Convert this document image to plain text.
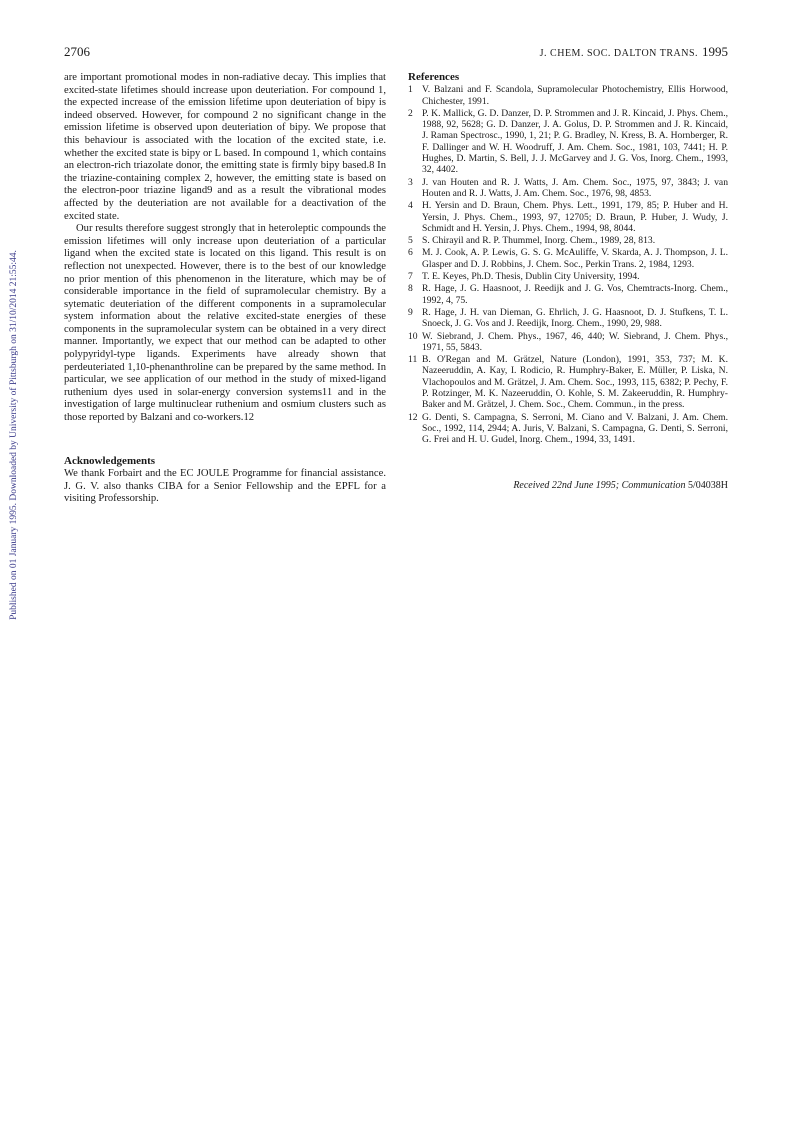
2706	J. CHEM. SOC. DALTON TRANS. 1995
Published on 01 January 1995. Downloaded by University of Pittsburgh on 31/10/2014 21:55:44.

are important promotional modes in non-radiative decay. This implies that excited-state lifetimes should increase upon deuteriation. For compound 1, the expected increase of the emission lifetime upon deuteriation of bipy is indeed observed. However, for compound 2 no significant change in the emission lifetime is observed upon deuteriation of bipy. We propose that this behaviour is associated with the location of the excited state, i.e. whether the excited state is bipy or L based. In compound 1, which contains an electron-rich triazolate donor, the emitting state is firmly bipy based.8 In the triazine-containing complex 2, however, the emitting state is based on the electron-poor triazine ligand9 and as a result the vibrational modes affected by the deuteriation are not available for a deactivation of the excited state.

Our results therefore suggest strongly that in heteroleptic compounds the emission lifetimes will only increase upon deuteriation of a particular ligand when the excited state is located on this ligand. This result is on reflection not unexpected. However, there is to the best of our knowledge no prior mention of this phenomenon in the literature, which may be of considerable importance in the field of supramolecular chemistry. By a sytematic deuteriation of the different components in a supramolecular system information about the relative excited-state energies of these components in the supramolecular system can be obtained in a very direct manner. Importantly, we expect that our method can be adapted to other polypyridyl-type ligands. Experiments have already shown that perdeuteriated 1,10-phenanthroline can be prepared by the same method. In particular, we see application of our method in the study of mixed-ligand ruthenium dyes used in solar-energy conversion systems11 and in the investigation of large multinuclear ruthenium and osmium clusters such as those reported by Balzani and co-workers.12

Acknowledgements

We thank Forbairt and the EC JOULE Programme for financial assistance. J. G. V. also thanks CIBA for a Senior Fellowship and the EPFL for a visiting Professorship.

References
1 V. Balzani and F. Scandola, Supramolecular Photochemistry, Ellis Horwood, Chichester, 1991.
2 P. K. Mallick, G. D. Danzer, D. P. Strommen and J. R. Kincaid, J. Phys. Chem., 1988, 92, 5628; G. D. Danzer, J. A. Golus, D. P. Strommen and J. R. Kincaid, J. Raman Spectrosc., 1990, 1, 21; P. G. Bradley, N. Kress, B. A. Hornberger, R. F. Dallinger and W. H. Woodruff, J. Am. Chem. Soc., 1981, 103, 7441; H. P. Hughes, D. Martin, S. Bell, J. J. McGarvey and J. G. Vos, Inorg. Chem., 1993, 32, 4402.
3 J. van Houten and R. J. Watts, J. Am. Chem. Soc., 1975, 97, 3843; J. van Houten and R. J. Watts, J. Am. Chem. Soc., 1976, 98, 4853.
4 H. Yersin and D. Braun, Chem. Phys. Lett., 1991, 179, 85; P. Huber and H. Yersin, J. Phys. Chem., 1993, 97, 12705; D. Braun, P. Huber, J. Wudy, J. Schmidt and H. Yersin, J. Phys. Chem., 1994, 98, 8044.
5 S. Chirayil and R. P. Thummel, Inorg. Chem., 1989, 28, 813.
6 M. J. Cook, A. P. Lewis, G. S. G. McAuliffe, V. Skarda, A. J. Thompson, J. L. Glasper and D. J. Robbins, J. Chem. Soc., Perkin Trans. 2, 1984, 1293.
7 T. E. Keyes, Ph.D. Thesis, Dublin City University, 1994.
8 R. Hage, J. G. Haasnoot, J. Reedijk and J. G. Vos, Chemtracts-Inorg. Chem., 1992, 4, 75.
9 R. Hage, J. H. van Dieman, G. Ehrlich, J. G. Haasnoot, D. J. Stufkens, T. L. Snoeck, J. G. Vos and J. Reedijk, Inorg. Chem., 1990, 29, 988.
10 W. Siebrand, J. Chem. Phys., 1967, 46, 440; W. Siebrand, J. Chem. Phys., 1971, 55, 5843.
11 B. O'Regan and M. Grätzel, Nature (London), 1991, 353, 737; M. K. Nazeeruddin, A. Kay, I. Rodicio, R. Humphry-Baker, E. Müller, P. Liska, N. Vlachopoulos and M. Grätzel, J. Am. Chem. Soc., 1993, 115, 6382; P. Pechy, F. P. Rotzinger, M. K. Nazeeruddin, O. Kohle, S. M. Zakeeruddin, R. Humphry-Baker and M. Grätzel, J. Chem. Soc., Chem. Commun., in the press.
12 G. Denti, S. Campagna, S. Serroni, M. Ciano and V. Balzani, J. Am. Chem. Soc., 1992, 114, 2944; A. Juris, V. Balzani, S. Campagna, G. Denti, S. Serroni, G. Frei and H. U. Gudel, Inorg. Chem., 1994, 33, 1491.
Received 22nd June 1995; Communication 5/04038H
